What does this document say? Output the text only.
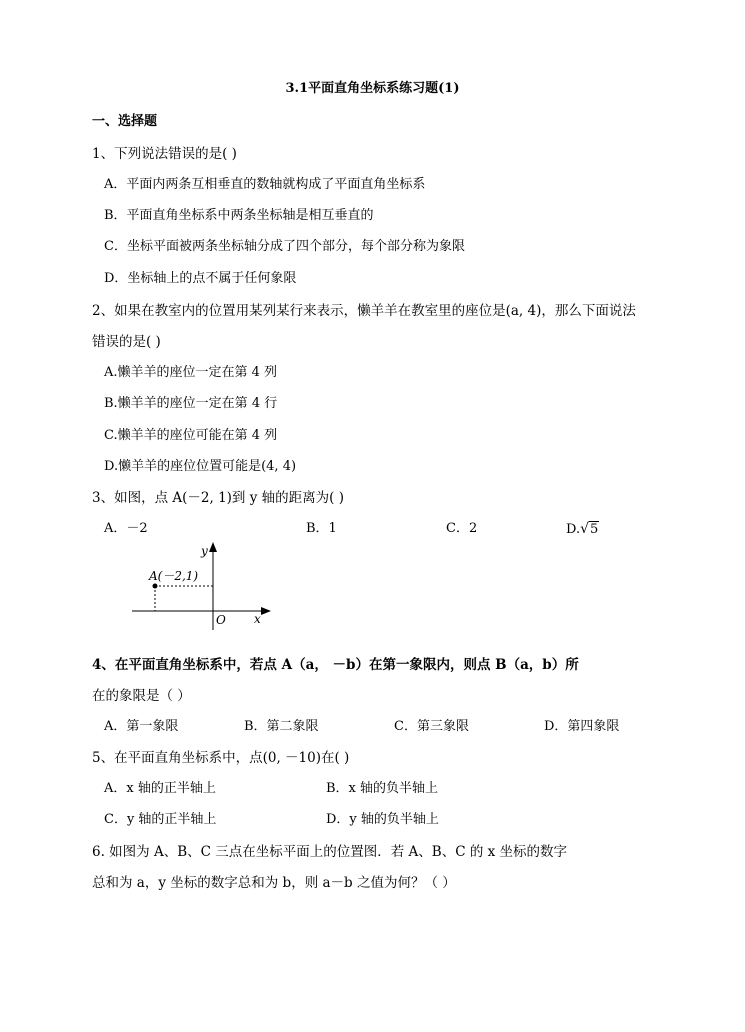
3.1平面直角坐标系练习题(1)
一、选择题
1、下列说法错误的是( )
A．平面内两条互相垂直的数轴就构成了平面直角坐标系
B．平面直角坐标系中两条坐标轴是相互垂直的
C．坐标平面被两条坐标轴分成了四个部分，每个部分称为象限
D．坐标轴上的点不属于任何象限
2、如果在教室内的位置用某列某行来表示，懒羊羊在教室里的座位是(a, 4)，那么下面说法
错误的是( )
A.懒羊羊的座位一定在第 4 列
B.懒羊羊的座位一定在第 4 行
C.懒羊羊的座位可能在第 4 列
D.懒羊羊的座位位置可能是(4, 4)
3、如图，点 A(－2, 1)到 y 轴的距离为( )
A．－2	B．1	C．2	D.√5
A(－2,1)
y
x
O
4、在平面直角坐标系中，若点 A（a， －b）在第一象限内，则点 B（a，b）所
在的象限是（ ）
A．第一象限	B．第二象限	C．第三象限	D．第四象限
5、在平面直角坐标系中，点(0, －10)在( )
A．x 轴的正半轴上	B．x 轴的负半轴上
C．y 轴的正半轴上	D．y 轴的负半轴上
6. 如图为 A、B、C 三点在坐标平面上的位置图．若 A、B、C 的 x 坐标的数字
总和为 a，y 坐标的数字总和为 b，则 a－b 之值为何？（ ）
